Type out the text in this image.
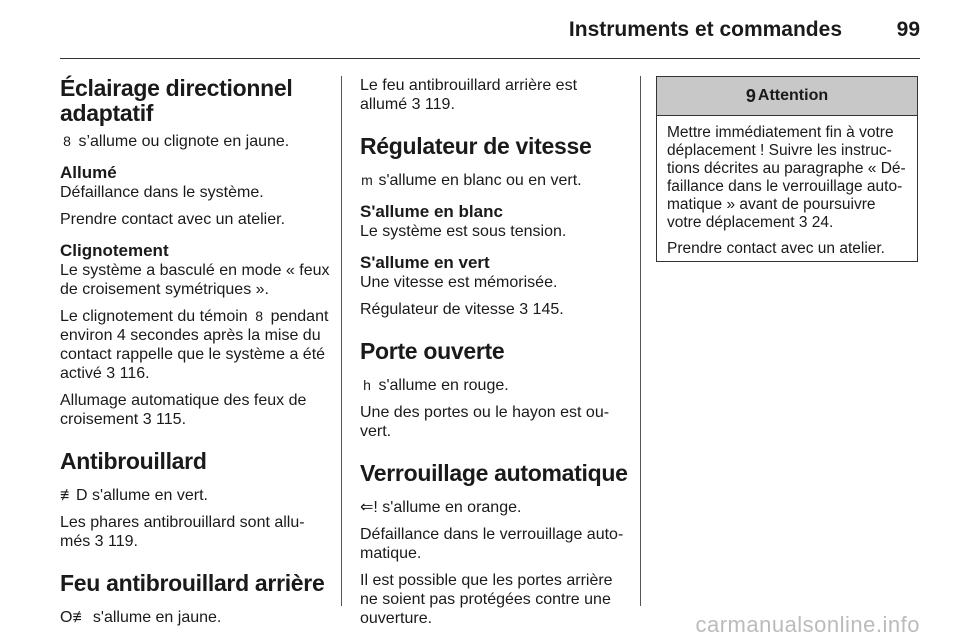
Instruments et commandes	99
Éclairage directionnel adaptatif

8 s’allume ou clignote en jaune.

Allumé

Défaillance dans le système.

Prendre contact avec un atelier.

Clignotement

Le système a basculé en mode « feux de croisement symétriques ».

Le clignotement du témoin 8 pendant environ 4 secondes après la mise du contact rappelle que le système a été activé 3 116.

Allumage automatique des feux de croisement 3 115.

Antibrouillard

≢D s'allume en vert.

Les phares antibrouillard sont allu-més 3 119.

Feu antibrouillard arrière

O≢ s'allume en jaune.

Le feu antibrouillard arrière est allumé 3 119.

Régulateur de vitesse

m s'allume en blanc ou en vert.

S'allume en blanc

Le système est sous tension.

S'allume en vert

Une vitesse est mémorisée.

Régulateur de vitesse 3 145.

Porte ouverte

h s'allume en rouge.

Une des portes ou le hayon est ou-vert.

Verrouillage automatique

⇐! s'allume en orange.

Défaillance dans le verrouillage auto-matique.

Il est possible que les portes arrière ne soient pas protégées contre une ouverture.

9 Attention

Mettre immédiatement fin à votre déplacement ! Suivre les instruc-tions décrites au paragraphe « Dé-faillance dans le verrouillage auto-matique » avant de poursuivre votre déplacement 3 24.

Prendre contact avec un atelier.

carmanualsonline.info
